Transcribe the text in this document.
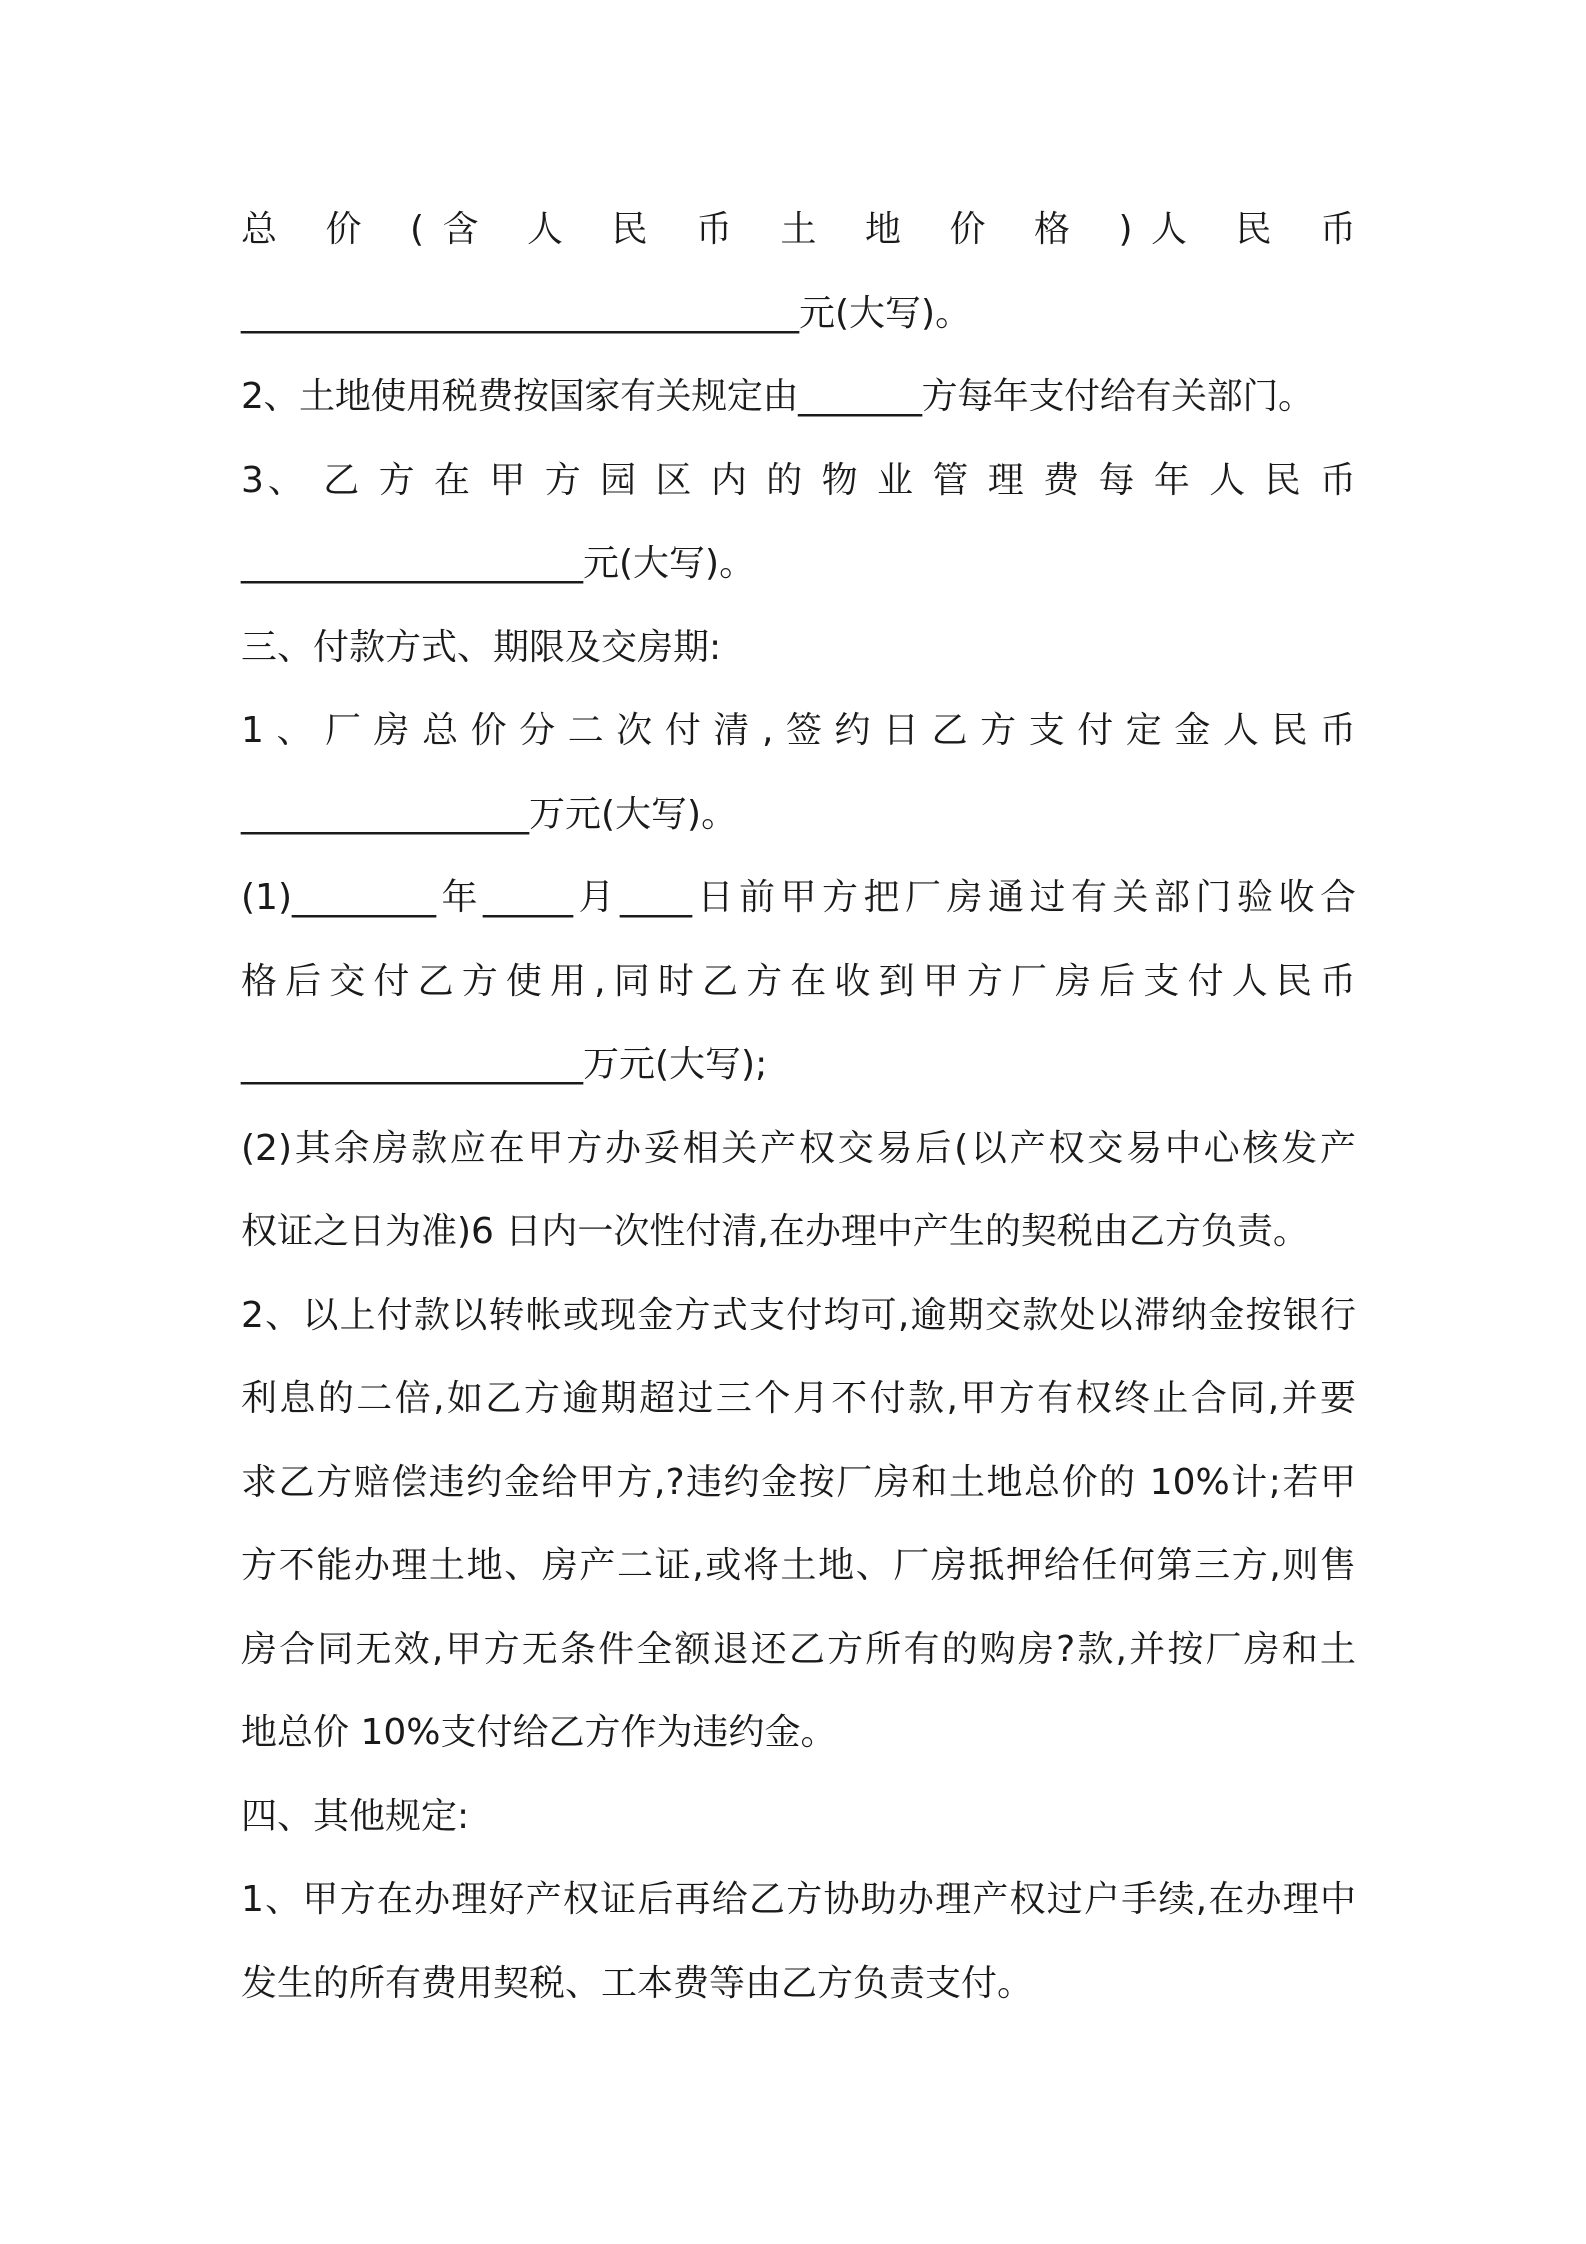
总 价 (含 人 民 币 土 地 价 格 )人 民 币
_______________________________元(大写)。
2、土地使用税费按国家有关规定由_______方每年支付给有关部门。
3、 乙 方 在 甲 方 园 区 内 的 物 业 管 理 费 每 年 人 民 币
___________________元(大写)。
三、付款方式、期限及交房期:
1、厂房总价分二次付清,签约日乙方支付定金人民币
________________万元(大写)。
(1)________年_____月____日前甲方把厂房通过有关部门验收合
格后交付乙方使用,同时乙方在收到甲方厂房后支付人民币
___________________万元(大写);
(2)其余房款应在甲方办妥相关产权交易后(以产权交易中心核发产
权证之日为准)6 日内一次性付清,在办理中产生的契税由乙方负责。
2、以上付款以转帐或现金方式支付均可,逾期交款处以滞纳金按银行
利息的二倍,如乙方逾期超过三个月不付款,甲方有权终止合同,并要
求乙方赔偿违约金给甲方,?违约金按厂房和土地总价的 10%计;若甲
方不能办理土地、房产二证,或将土地、厂房抵押给任何第三方,则售
房合同无效,甲方无条件全额退还乙方所有的购房?款,并按厂房和土
地总价 10%支付给乙方作为违约金。
四、其他规定:
1、甲方在办理好产权证后再给乙方协助办理产权过户手续,在办理中
发生的所有费用契税、工本费等由乙方负责支付。
